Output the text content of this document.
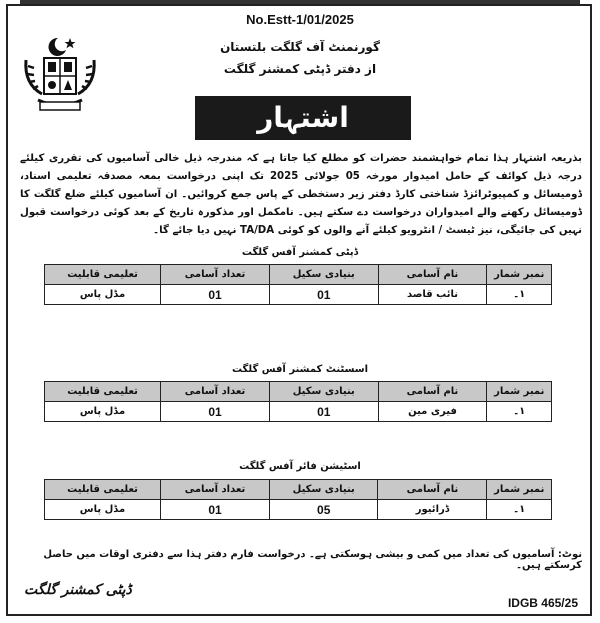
No.Estt-1/01/2025
گورنمنٹ آف گلگت بلتستان
از دفتر ڈپٹی کمشنر گلگت
اشتہار
بذریعہ اشتہار ہذا تمام خواہشمند حضرات کو مطلع کیا جاتا ہے کہ مندرجہ ذیل خالی آسامیوں کی تقرری کیلئے درجہ ذیل کوائف کے حامل امیدوار مورخہ 05 جولائی 2025 تک اپنی درخواست بمعہ مصدقہ تعلیمی اسناد، ڈومیسائل و کمپیوٹرائزڈ شناختی کارڈ دفتر زیر دستخطی کے پاس جمع کروائیں۔ ان آسامیوں کیلئے ضلع گلگت کا ڈومیسائل رکھنے والے امیدواران درخواست دے سکتے ہیں۔ نامکمل اور مذکورہ تاریخ کے بعد کوئی درخواست قبول نہیں کی جائیگی، نیز ٹیسٹ / انٹرویو کیلئے آنے والوں کو کوئی TA/DA نہیں دیا جائے گا۔
ڈپٹی کمشنر آفس گلگت
نمبر شمار	نام آسامی	بنیادی سکیل	تعداد آسامی	تعلیمی قابلیت
۱۔	نائب قاصد	01	01	مڈل پاس
اسسٹنٹ کمشنر آفس گلگت
نمبر شمار	نام آسامی	بنیادی سکیل	تعداد آسامی	تعلیمی قابلیت
۱۔	فیری مین	01	01	مڈل پاس
اسٹیشن فائر آفس گلگت
نمبر شمار	نام آسامی	بنیادی سکیل	تعداد آسامی	تعلیمی قابلیت
۱۔	ڈرائیور	05	01	مڈل پاس
نوٹ: آسامیوں کی تعداد میں کمی و بیشی ہوسکتی ہے۔ درخواست فارم دفتر ہذا سے دفتری اوقات میں حاصل کرسکتے ہیں۔
ڈپٹی کمشنر گلگت
IDGB 465/25
